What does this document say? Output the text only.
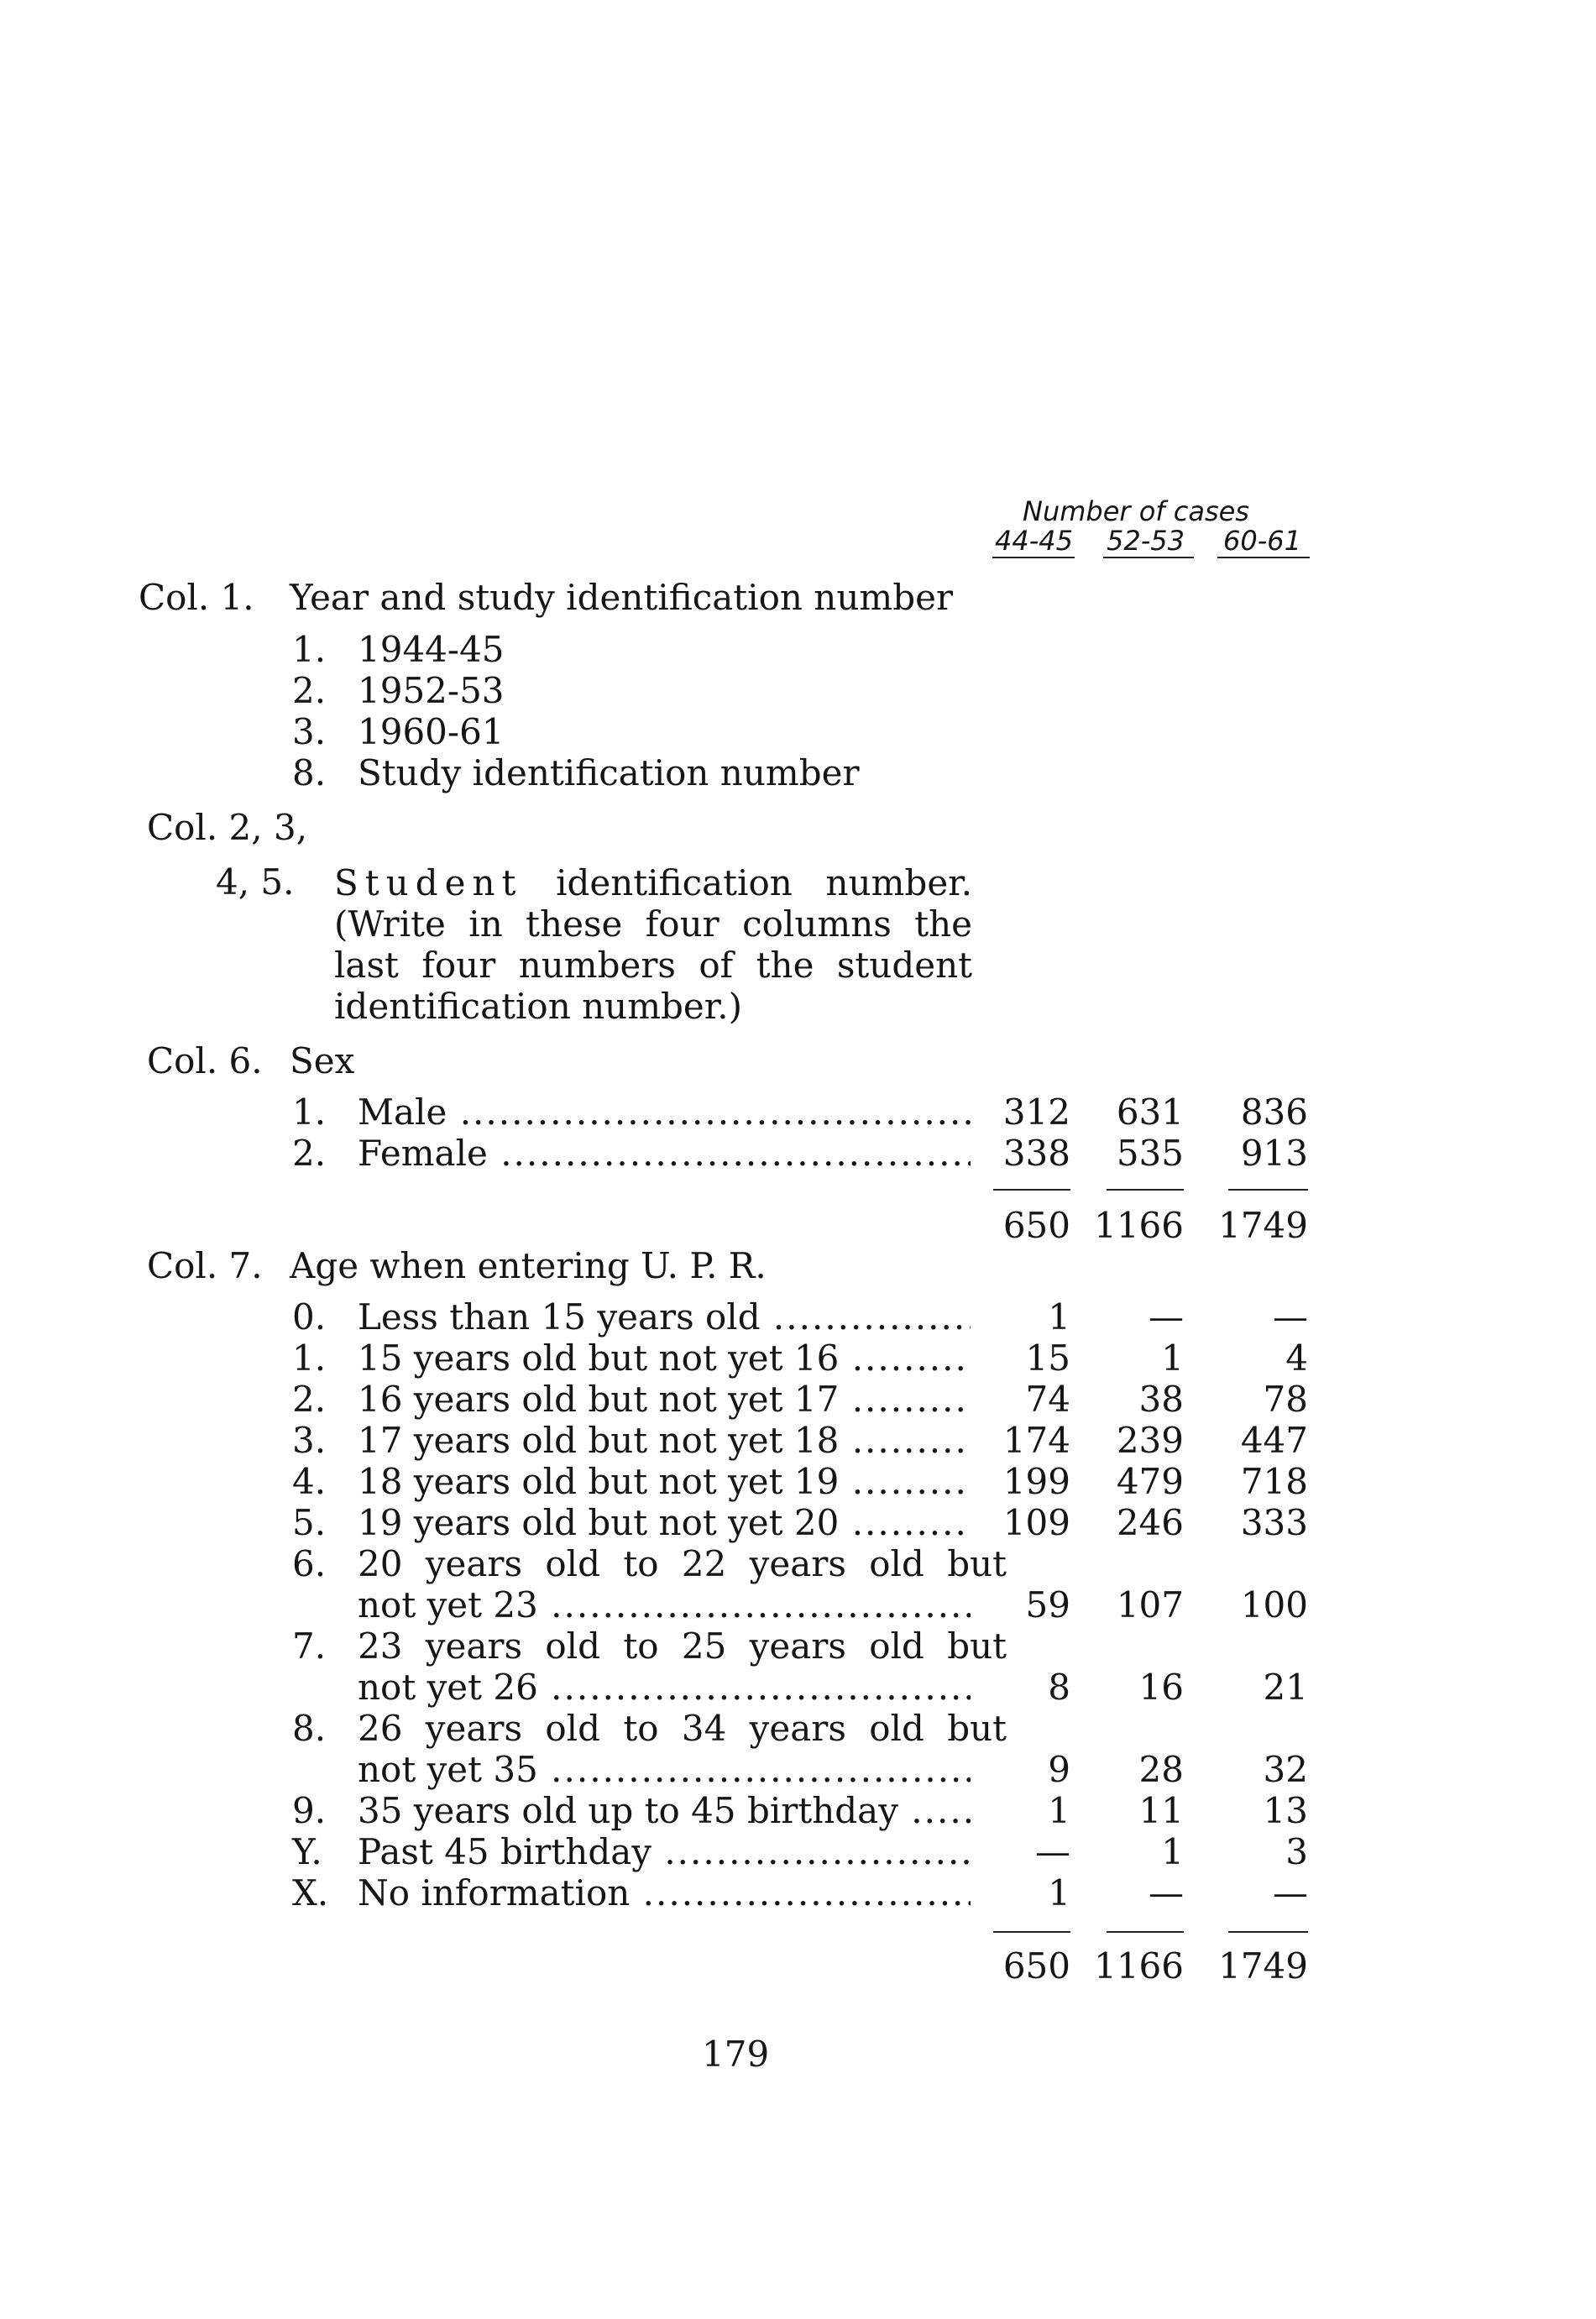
Number of cases
44-45 52-53 60-61
Col. 1. Year and study identification number
1. 1944-45
2. 1952-53
3. 1960-61
8. Study identification number
Col. 2, 3,
4, 5. Student identification number. (Write in these four columns the last four numbers of the student identification number.)
Col. 6. Sex
1. Male .....	312	631	836
2. Female .....	338	535	913
650 1166 1749
Col. 7. Age when entering U. P. R.
0. Less than 15 years old .....	1	—	—
1. 15 years old but not yet 16 .....	15	1	4
2. 16 years old but not yet 17 .....	74	38	78
3. 17 years old but not yet 18 .....	174	239	447
4. 18 years old but not yet 19 .....	199	479	718
5. 19 years old but not yet 20 .....	109	246	333
6. 20 years old to 22 years old but
not yet 23 .....	59	107	100
7. 23 years old to 25 years old but
not yet 26 .....	8	16	21
8. 26 years old to 34 years old but
not yet 35 .....	9	28	32
9. 35 years old up to 45 birthday .....	1	11	13
Y. Past 45 birthday .....	—	1	3
X. No information .....	1	—	—
650 1166 1749
179
